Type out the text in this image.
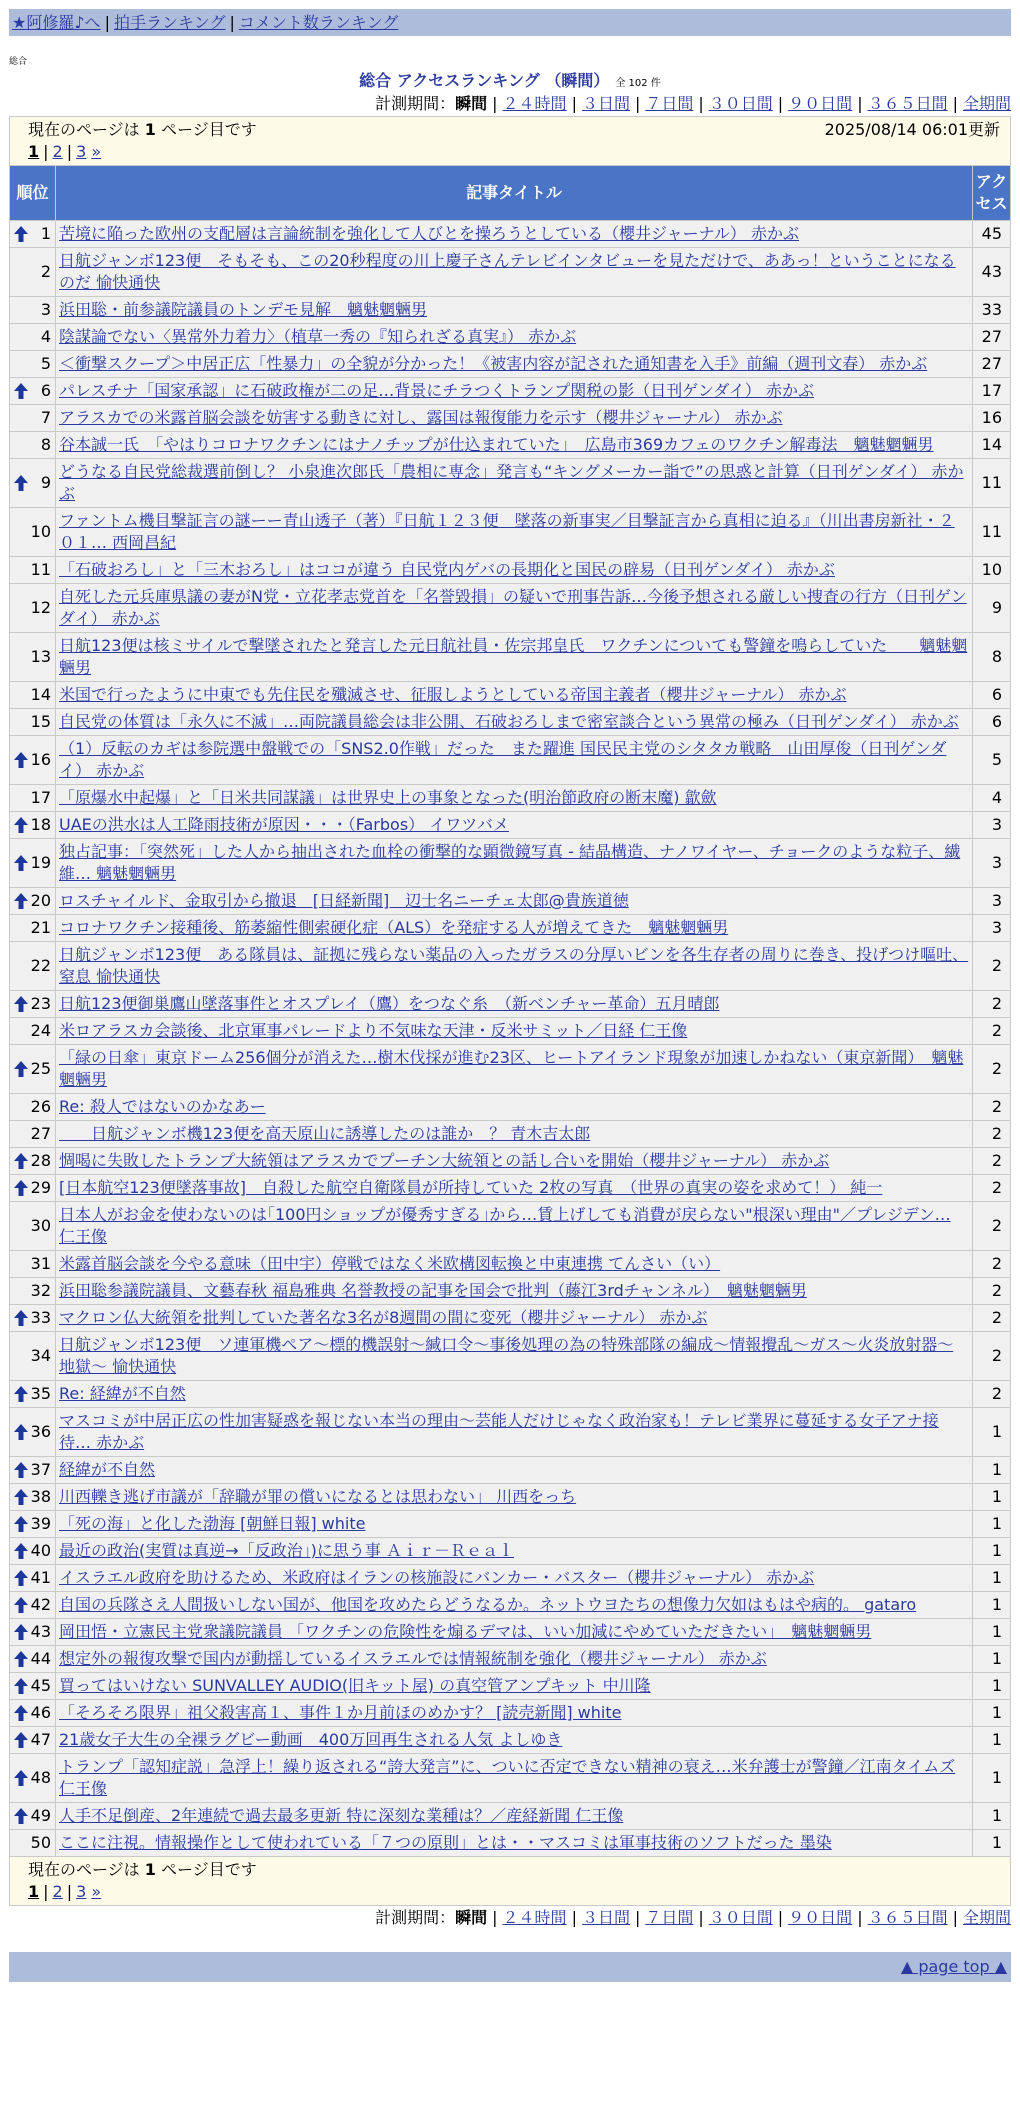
★阿修羅♪へ | 拍手ランキング | コメント数ランキング
総合
総合 アクセスランキング （瞬間） 全 102 件
計測期間：瞬間 | ２４時間 | ３日間 | ７日間 | ３０日間 | ９０日間 | ３６５日間 | 全期間
2025/08/14 06:01更新
現在のページは 1 ページ目です
1 | 2 | 3 »		

順位	記事タイトル	アクセス

1	苦境に陥った欧州の支配層は言論統制を強化して人びとを操ろうとしている（櫻井ジャーナル） 赤かぶ	45
2	日航ジャンボ123便　そもそも、この20秒程度の川上慶子さんテレビインタビューを見ただけで、ああっ！ということになるのだ 愉快通快	43
3	浜田聡・前参議院議員のトンデモ見解　魑魅魍魎男	33
4	陰謀論でない〈異常外力着力〉（植草一秀の『知られざる真実』） 赤かぶ	27
5	＜衝撃スクープ＞中居正広「性暴力」の全貌が分かった！《被害内容が記された通知書を入手》前編（週刊文春） 赤かぶ	27

6	パレスチナ「国家承認」に石破政権が二の足…背景にチラつくトランプ関税の影（日刊ゲンダイ） 赤かぶ	17
7	アラスカでの米露首脳会談を妨害する動きに対し、露国は報復能力を示す（櫻井ジャーナル） 赤かぶ	16
8	谷本誠一氏　「やはりコロナワクチンにはナノチップが仕込まれていた」　広島市369カフェのワクチン解毒法　魑魅魍魎男	14

9	どうなる自民党総裁選前倒し？ 小泉進次郎氏「農相に専念」発言も“キングメーカー詣で”の思惑と計算（日刊ゲンダイ） 赤かぶ	11
10	ファントム機目撃証言の謎ーー青山透子（著）『日航１２３便　墜落の新事実／目撃証言から真相に迫る』（川出書房新社・２０１… 西岡昌紀	11
11	「石破おろし」と「三木おろし」はココが違う 自民党内ゲバの長期化と国民の辟易（日刊ゲンダイ） 赤かぶ	10
12	自死した元兵庫県議の妻がN党・立花孝志党首を「名誉毀損」の疑いで刑事告訴…今後予想される厳しい捜査の行方（日刊ゲンダイ） 赤かぶ	9
13	日航123便は核ミサイルで撃墜されたと発言した元日航社員・佐宗邦皇氏　ワクチンについても警鐘を鳴らしていた　　魑魅魍魎男	8
14	米国で行ったように中東でも先住民を殲滅させ、征服しようとしている帝国主義者（櫻井ジャーナル） 赤かぶ	6
15	自民党の体質は「永久に不滅」…両院議員総会は非公開、石破おろしまで密室談合という異常の極み（日刊ゲンダイ） 赤かぶ	6

16	（1）反転のカギは参院選中盤戦での「SNS2.0作戦」だった　また躍進 国民民主党のシタタカ戦略　山田厚俊（日刊ゲンダイ） 赤かぶ	5
17	「原爆水中起爆」と「日米共同謀議」は世界史上の事象となった(明治節政府の断末魔) 歙歛	4

18	UAEの洪水は人工降雨技術が原因・・・（Farbos） イワツバメ	3

19	独占記事：「突然死」した人から抽出された血栓の衝撃的な顕微鏡写真 - 結晶構造、ナノワイヤー、チョークのような粒子、繊維… 魑魅魍魎男	3

20	ロスチャイルド、金取引から撤退　[日経新聞]　辺士名ニーチェ太郎@貴族道徳	3
21	コロナワクチン接種後、筋萎縮性側索硬化症（ALS）を発症する人が増えてきた　魑魅魍魎男	3
22	日航ジャンボ123便　ある隊員は、証拠に残らない薬品の入ったガラスの分厚いビンを各生存者の周りに巻き、投げつけ嘔吐、窒息 愉快通快	2

23	日航123便御巣鷹山墜落事件とオスプレイ（鷹）をつなぐ糸　（新ベンチャー革命）五月晴郎	2
24	米ロアラスカ会談後、北京軍事パレードより不気味な天津・反米サミット／日経 仁王像	2

25	「緑の日傘」東京ドーム256個分が消えた…樹木伐採が進む23区、ヒートアイランド現象が加速しかねない（東京新聞）　魑魅魍魎男	2
26	Re: 殺人ではないのかなあー	2
27	　　日航ジャンボ機123便を高天原山に誘導したのは誰か　？ 青木吉太郎	2

28	惆喝に失敗したトランプ大統領はアラスカでプーチン大統領との話し合いを開始（櫻井ジャーナル） 赤かぶ	2

29	[日本航空123便墜落事故]　自殺した航空自衛隊員が所持していた 2枚の写真　（世界の真実の姿を求めて！） 純一	2
30	日本人がお金を使わないのは｢100円ショップが優秀すぎる｣から…賃上げしても消費が戻らない"根深い理由"／プレジデン… 仁王像	2
31	米露首脳会談を今やる意味（田中宇）停戦ではなく米欧構図転換と中東連携 てんさい（い）	2
32	浜田聡参議院議員、文藝春秋 福島雅典 名誉教授の記事を国会で批判（藤江3rdチャンネル）　魑魅魍魎男	2

33	マクロン仏大統領を批判していた著名な3名が8週間の間に変死（櫻井ジャーナル） 赤かぶ	2
34	日航ジャンボ123便　ソ連軍機ペア〜標的機誤射〜緘口令〜事後処理の為の特殊部隊の編成〜情報攪乱〜ガス〜火炎放射器〜地獄〜 愉快通快	2

35	Re: 経緯が不自然	2

36	マスコミが中居正広の性加害疑惑を報じない本当の理由〜芸能人だけじゃなく政治家も！テレビ業界に蔓延する女子アナ接待… 赤かぶ	1

37	経緯が不自然	1

38	川西轢き逃げ市議が「辞職が罪の償いになるとは思わない」 川西をっち	1

39	「死の海」と化した渤海 [朝鮮日報] white	1

40	最近の政治(実質は真逆→「反政治」)に思う事 Ａｉｒ－Ｒｅａｌ	1

41	イスラエル政府を助けるため、米政府はイランの核施設にバンカー・バスター（櫻井ジャーナル） 赤かぶ	1

42	自国の兵隊さえ人間扱いしない国が、他国を攻めたらどうなるか。ネットウヨたちの想像力欠如はもはや病的。 gataro	1

43	岡田悟・立憲民主党衆議院議員 「ワクチンの危険性を煽るデマは、いい加減にやめていただきたい」　魑魅魍魎男	1

44	想定外の報復攻撃で国内が動揺しているイスラエルでは情報統制を強化（櫻井ジャーナル） 赤かぶ	1

45	買ってはいけない SUNVALLEY AUDIO(旧キット屋) の真空管アンプキット 中川隆	1

46	「そろそろ限界」祖父殺害高１、事件１か月前ほのめかす？ [読売新聞] white	1

47	21歳女子大生の全裸ラグビー動画　400万回再生される人気 よしゆき	1

48	トランプ「認知症説」急浮上！繰り返される“誇大発言”に、ついに否定できない精神の衰え…米弁護士が警鐘／江南タイムズ 仁王像	1

49	人手不足倒産、2年連続で過去最多更新 特に深刻な業種は？／産経新聞 仁王像	1
50	ここに注視。情報操作として使われている「７つの原則」とは・・マスコミは軍事技術のソフトだった 墨染	1

現在のページは 1 ページ目です
1 | 2 | 3 »		
計測期間：瞬間 | ２４時間 | ３日間 | ７日間 | ３０日間 | ９０日間 | ３６５日間 | 全期間
▲ page top ▲
